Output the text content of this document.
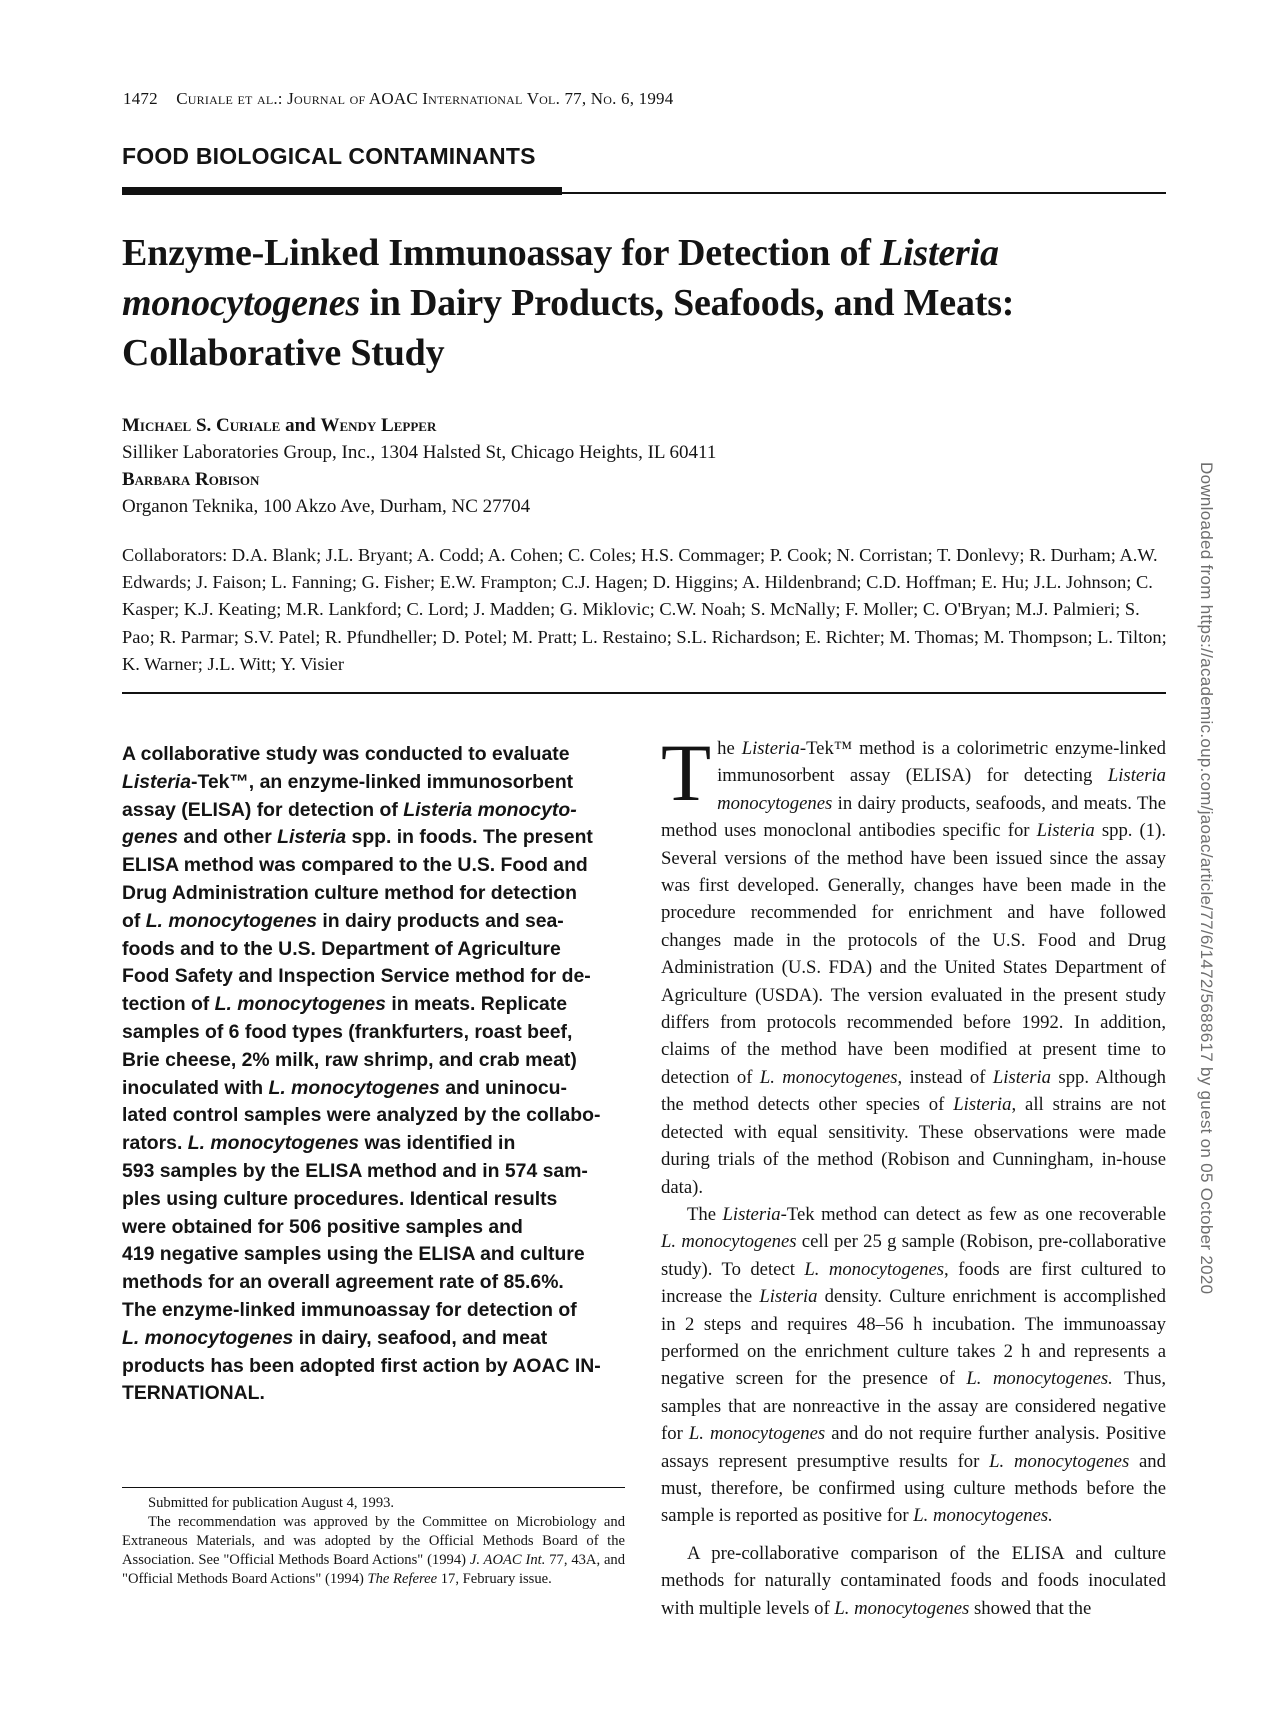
1472 Curiale et al.: Journal of AOAC International Vol. 77, No. 6, 1994
FOOD BIOLOGICAL CONTAMINANTS
Enzyme-Linked Immunoassay for Detection of Listeria
monocytogenes in Dairy Products, Seafoods, and Meats:
Collaborative Study
Michael S. Curiale and Wendy Lepper
Silliker Laboratories Group, Inc., 1304 Halsted St, Chicago Heights, IL 60411
Barbara Robison
Organon Teknika, 100 Akzo Ave, Durham, NC 27704
Collaborators: D.A. Blank; J.L. Bryant; A. Codd; A. Cohen; C. Coles; H.S. Commager; P. Cook; N. Corristan; T. Donlevy; R. Durham; A.W. Edwards; J. Faison; L. Fanning; G. Fisher; E.W. Frampton; C.J. Hagen; D. Higgins; A. Hildenbrand; C.D. Hoffman; E. Hu; J.L. Johnson; C. Kasper; K.J. Keating; M.R. Lankford; C. Lord; J. Madden; G. Miklovic; C.W. Noah; S. McNally; F. Moller; C. O'Bryan; M.J. Palmieri; S. Pao; R. Parmar; S.V. Patel; R. Pfundheller; D. Potel; M. Pratt; L. Restaino; S.L. Richardson; E. Richter; M. Thomas; M. Thompson; L. Tilton; K. Warner; J.L. Witt; Y. Visier
A collaborative study was conducted to evaluate
Listeria-Tek™, an enzyme-linked immunosorbent
assay (ELISA) for detection of Listeria monocyto-
genes and other Listeria spp. in foods. The present
ELISA method was compared to the U.S. Food and
Drug Administration culture method for detection
of L. monocytogenes in dairy products and sea-
foods and to the U.S. Department of Agriculture
Food Safety and Inspection Service method for de-
tection of L. monocytogenes in meats. Replicate
samples of 6 food types (frankfurters, roast beef,
Brie cheese, 2% milk, raw shrimp, and crab meat)
inoculated with L. monocytogenes and uninocu-
lated control samples were analyzed by the collabo-
rators. L. monocytogenes was identified in
593 samples by the ELISA method and in 574 sam-
ples using culture procedures. Identical results
were obtained for 506 positive samples and
419 negative samples using the ELISA and culture
methods for an overall agreement rate of 85.6%.
The enzyme-linked immunoassay for detection of
L. monocytogenes in dairy, seafood, and meat
products has been adopted first action by AOAC IN-
TERNATIONAL.

Submitted for publication August 4, 1993.

The recommendation was approved by the Committee on Microbiology and Extraneous Materials, and was adopted by the Official Methods Board of the Association. See "Official Methods Board Actions" (1994) J. AOAC Int. 77, 43A, and "Official Methods Board Actions" (1994) The Referee 17, February issue.

The Listeria-Tek™ method is a colorimetric enzyme-linked immunosorbent assay (ELISA) for detecting Listeria monocytogenes in dairy products, seafoods, and meats. The method uses monoclonal antibodies specific for Listeria spp. (1). Several versions of the method have been issued since the assay was first developed. Generally, changes have been made in the procedure recommended for enrichment and have followed changes made in the protocols of the U.S. Food and Drug Administration (U.S. FDA) and the United States Department of Agriculture (USDA). The version evaluated in the present study differs from protocols recommended before 1992. In addition, claims of the method have been modified at present time to detection of L. monocytogenes, instead of Listeria spp. Although the method detects other species of Listeria, all strains are not detected with equal sensitivity. These observations were made during trials of the method (Robison and Cunningham, in-house data).

The Listeria-Tek method can detect as few as one recoverable L. monocytogenes cell per 25 g sample (Robison, pre-collaborative study). To detect L. monocytogenes, foods are first cultured to increase the Listeria density. Culture enrichment is accomplished in 2 steps and requires 48–56 h incubation. The immunoassay performed on the enrichment culture takes 2 h and represents a negative screen for the presence of L. monocytogenes. Thus, samples that are nonreactive in the assay are considered negative for L. monocytogenes and do not require further analysis. Positive assays represent presumptive results for L. monocytogenes and must, therefore, be confirmed using culture methods before the sample is reported as positive for L. monocytogenes.

A pre-collaborative comparison of the ELISA and culture methods for naturally contaminated foods and foods inoculated with multiple levels of L. monocytogenes showed that the

Downloaded from https://academic.oup.com/jaoac/article/77/6/1472/5688617 by guest on 05 October 2020
